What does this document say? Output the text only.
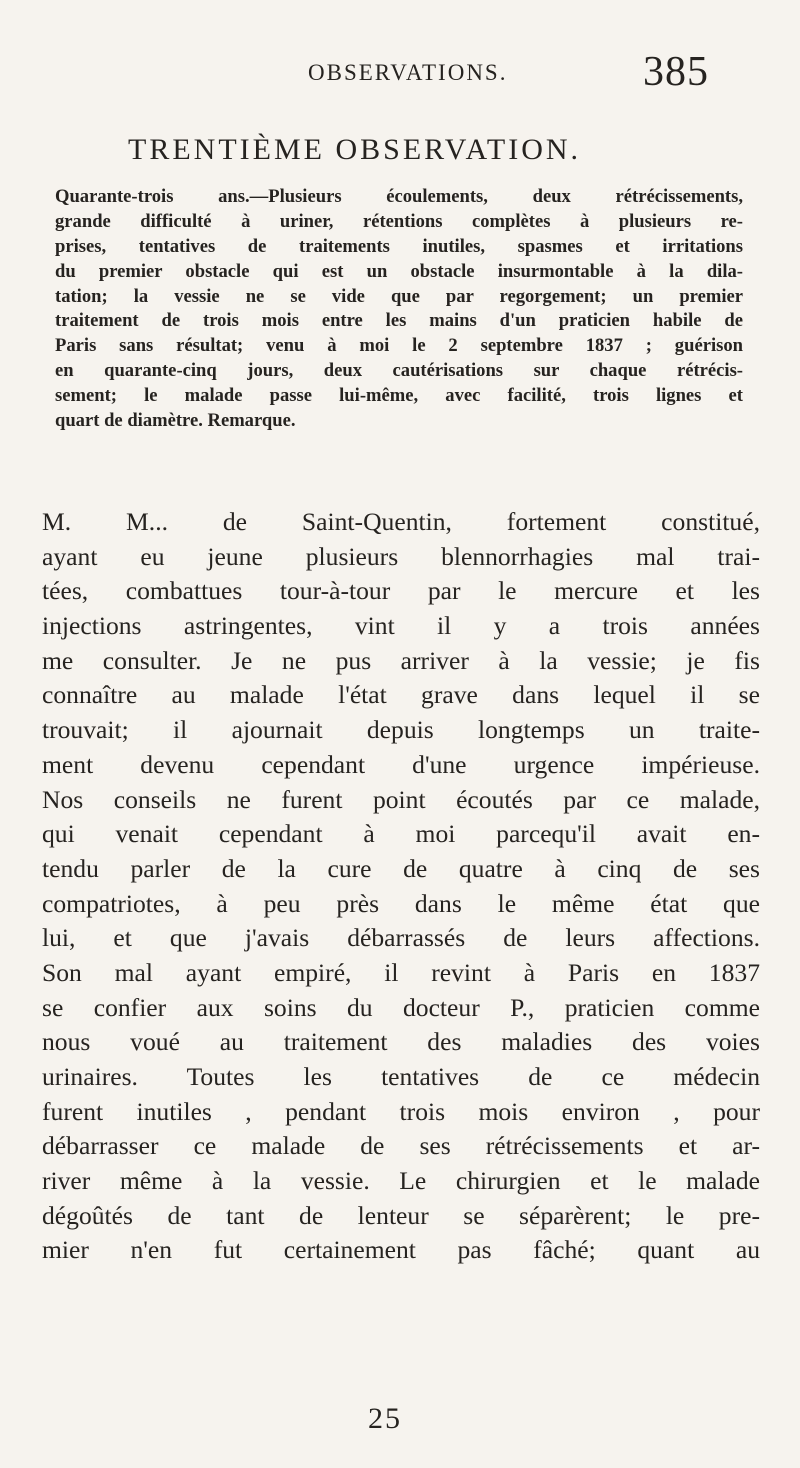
OBSERVATIONS.	385
TRENTIÈME OBSERVATION.
Quarante-trois ans.—Plusieurs écoulements, deux rétrécissements,
grande difficulté à uriner, rétentions complètes à plusieurs re-
prises, tentatives de traitements inutiles, spasmes et irritations
du premier obstacle qui est un obstacle insurmontable à la dila-
tation; la vessie ne se vide que par regorgement; un premier
traitement de trois mois entre les mains d'un praticien habile de
Paris sans résultat; venu à moi le 2 septembre 1837 ; guérison
en quarante-cinq jours, deux cautérisations sur chaque rétrécis-
sement; le malade passe lui-même, avec facilité, trois lignes et
quart de diamètre. Remarque.
M. M... de Saint-Quentin, fortement constitué,
ayant eu jeune plusieurs blennorrhagies mal trai-
tées, combattues tour-à-tour par le mercure et les
injections astringentes, vint il y a trois années
me consulter. Je ne pus arriver à la vessie; je fis
connaître au malade l'état grave dans lequel il se
trouvait; il ajournait depuis longtemps un traite-
ment devenu cependant d'une urgence impérieuse.
Nos conseils ne furent point écoutés par ce malade,
qui venait cependant à moi parcequ'il avait en-
tendu parler de la cure de quatre à cinq de ses
compatriotes, à peu près dans le même état que
lui, et que j'avais débarrassés de leurs affections.
Son mal ayant empiré, il revint à Paris en 1837
se confier aux soins du docteur P., praticien comme
nous voué au traitement des maladies des voies
urinaires. Toutes les tentatives de ce médecin
furent inutiles , pendant trois mois environ , pour
débarrasser ce malade de ses rétrécissements et ar-
river même à la vessie. Le chirurgien et le malade
dégoûtés de tant de lenteur se séparèrent; le pre-
mier n'en fut certainement pas fâché; quant au
25
